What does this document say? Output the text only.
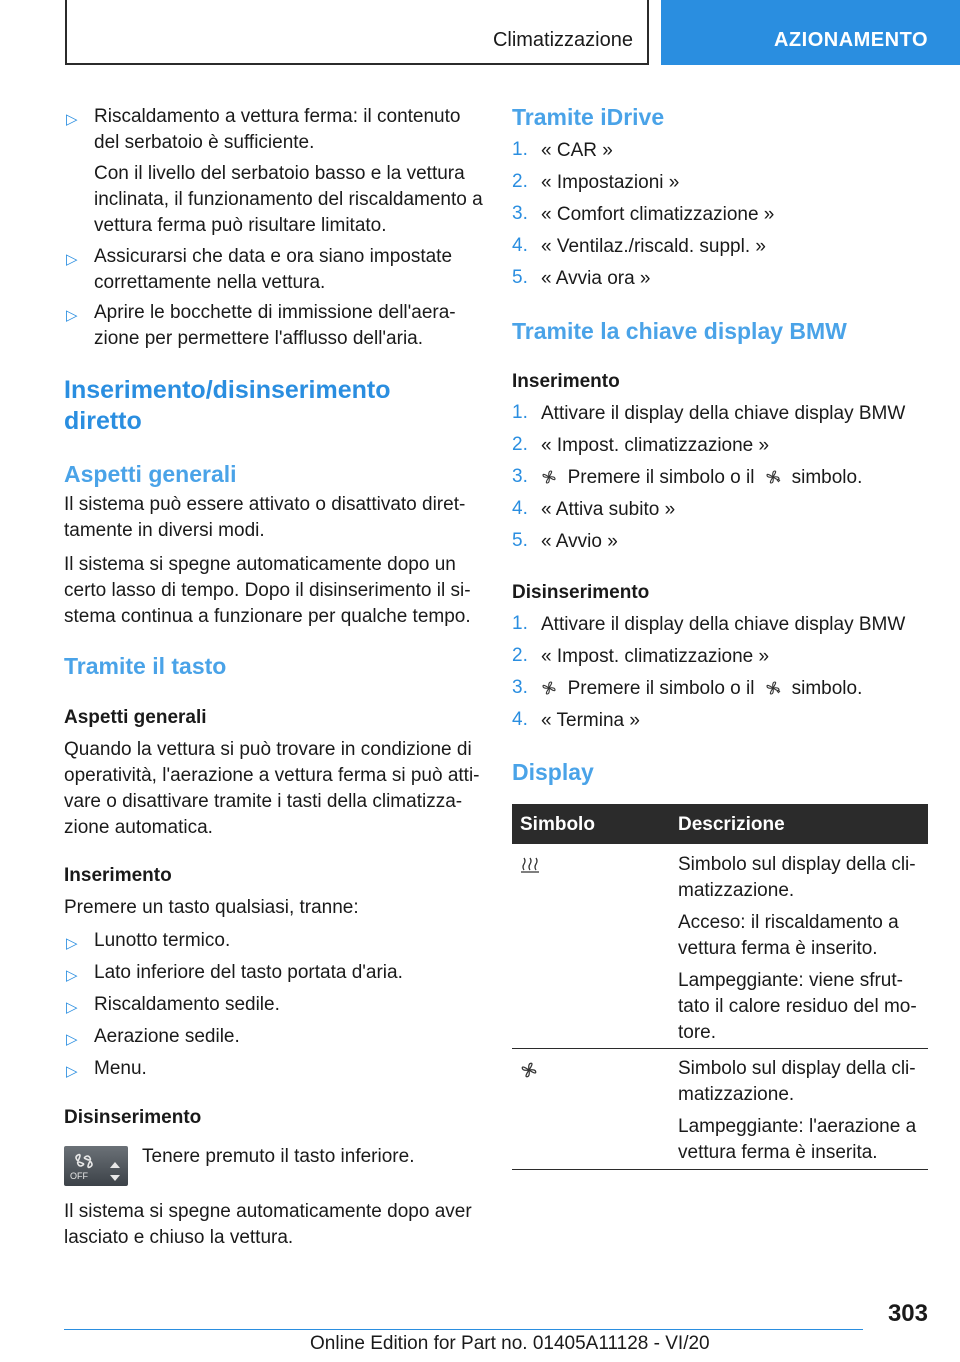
Climatizzazione	AZIONAMENTO
▷ Riscaldamento a vettura ferma: il contenuto
del serbatoio è sufficiente.
Con il livello del serbatoio basso e la vettura
inclinata, il funzionamento del riscaldamento a
vettura ferma può risultare limitato.
▷ Assicurarsi che data e ora siano impostate
correttamente nella vettura.
▷ Aprire le bocchette di immissione dell'aera-
zione per permettere l'afflusso dell'aria.
Inserimento/disinserimento
diretto
Aspetti generali
Il sistema può essere attivato o disattivato diret-
tamente in diversi modi.
Il sistema si spegne automaticamente dopo un
certo lasso di tempo. Dopo il disinserimento il si-
stema continua a funzionare per qualche tempo.
Tramite il tasto
Aspetti generali
Quando la vettura si può trovare in condizione di
operatività, l'aerazione a vettura ferma si può atti-
vare o disattivare tramite i tasti della climatizza-
zione automatica.
Inserimento
Premere un tasto qualsiasi, tranne:
▷ Lunotto termico.
▷ Lato inferiore del tasto portata d'aria.
▷ Riscaldamento sedile.
▷ Aerazione sedile.
▷ Menu.
Disinserimento
OFF
Tenere premuto il tasto inferiore.
Il sistema si spegne automaticamente dopo aver
lasciato e chiuso la vettura.
Tramite iDrive
1. « CAR »
2. « Impostazioni »
3. « Comfort climatizzazione »
4. « Ventilaz./riscald. suppl. »
5. « Avvia ora »
Tramite la chiave display BMW
Inserimento
1. Attivare il display della chiave display BMW
2. « Impost. climatizzazione »
3.	Premere il simbolo o il simbolo.
4. « Attiva subito »
5. « Avvio »
Disinserimento
1. Attivare il display della chiave display BMW
2. « Impost. climatizzazione »
3.	Premere il simbolo o il simbolo.
4. « Termina »
Display
Simbolo	Descrizione
Simbolo sul display della cli-
matizzazione.
Acceso: il riscaldamento a
vettura ferma è inserito.
Lampeggiante: viene sfrut-
tato il calore residuo del mo-
tore.
Simbolo sul display della cli-
matizzazione.
Lampeggiante: l'aerazione a
vettura ferma è inserita.
303
Online Edition for Part no. 01405A11128 - VI/20
